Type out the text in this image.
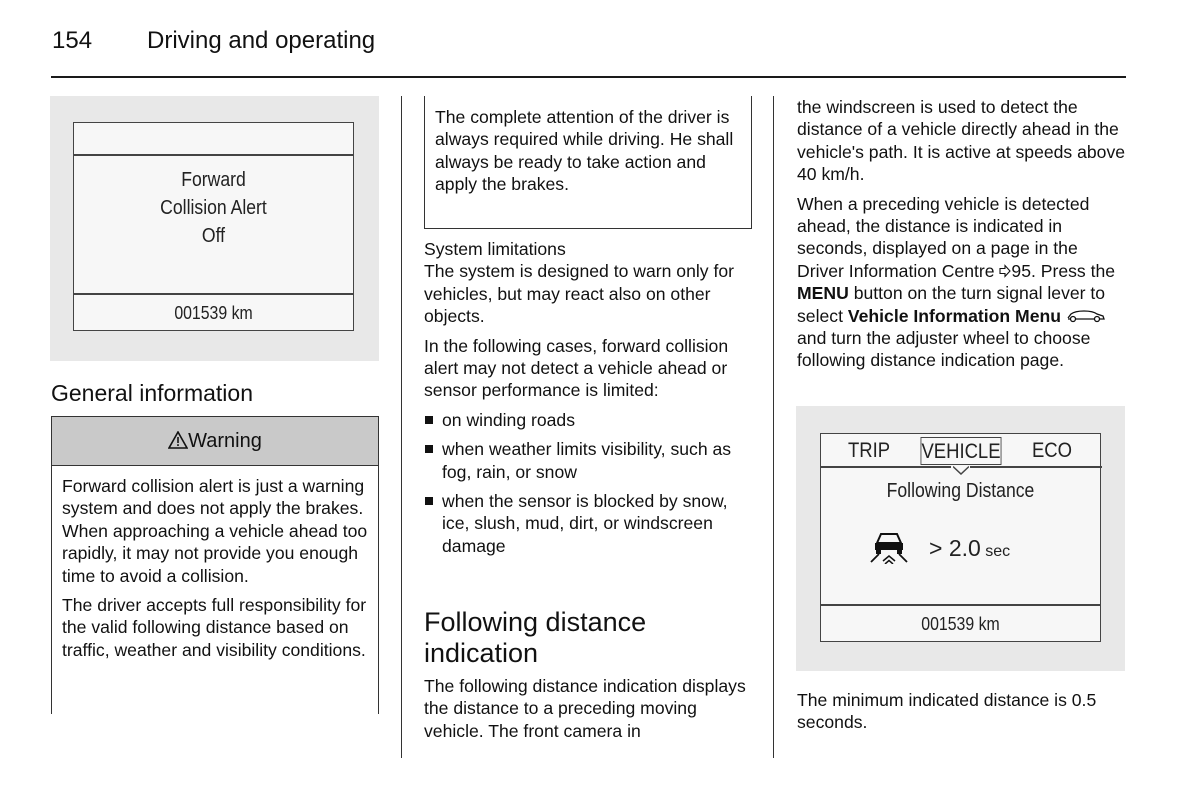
154 Driving and operating
Forward
Collision Alert
Off
001539 km
General information
Warning

Forward collision alert is just a warning system and does not apply the brakes. When approaching a vehicle ahead too rapidly, it may not provide you enough time to avoid a collision.

The driver accepts full responsibility for the valid following distance based on traffic, weather and visibility conditions.

The complete attention of the driver is always required while driving. He shall always be ready to take action and apply the brakes.
System limitations

The system is designed to warn only for vehicles, but may react also on other objects.

In the following cases, forward collision alert may not detect a vehicle ahead or sensor performance is limited:

on winding roads
when weather limits visibility, such as fog, rain, or snow
when the sensor is blocked by snow, ice, slush, mud, dirt, or windscreen damage
Following distance
indication
The following distance indication displays the distance to a preceding moving vehicle. The front camera in

the windscreen is used to detect the distance of a vehicle directly ahead in the vehicle's path. It is active at speeds above 40 km/h.

When a preceding vehicle is detected ahead, the distance is indicated in seconds, displayed on a page in the Driver Information Centre 95. Press the MENU button on the turn signal lever to select Vehicle Information Menu  and turn the adjuster wheel to choose following distance indication page.

TRIP VEHICLE ECO
Following Distance
> 2.0 sec
001539 km
The minimum indicated distance is 0.5 seconds.
